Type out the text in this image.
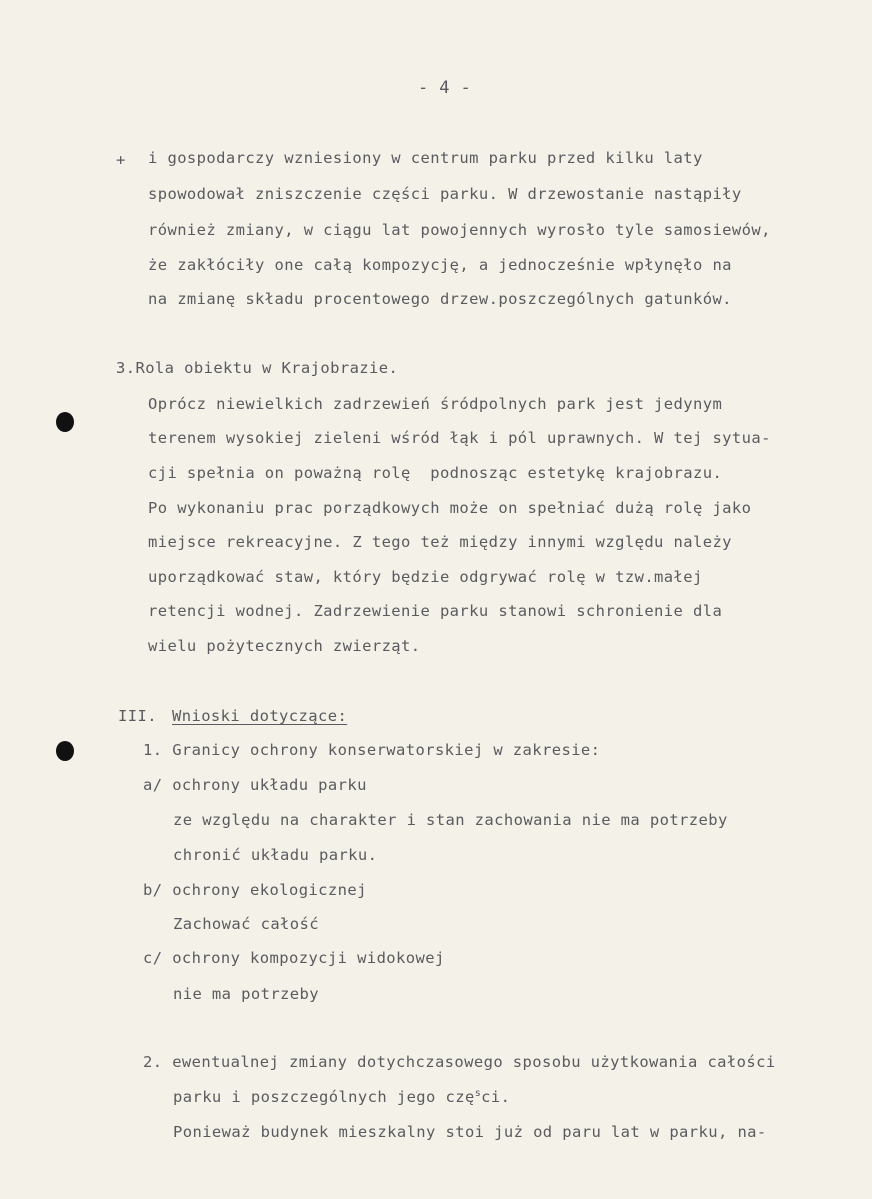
- 4 -
+ i gospodarczy wzniesiony w centrum parku przed kilku laty
spowodował zniszczenie części parku. W drzewostanie nastąpiły
również zmiany, w ciągu lat powojennych wyrosło tyle samosiewów,
że zakłóciły one całą kompozycję, a jednocześnie wpłynęło na
na zmianę składu procentowego drzew.poszczególnych gatunków.
3.Rola obiektu w Krajobrazie.
Oprócz niewielkich zadrzewień śródpolnych park jest jedynym
terenem wysokiej zieleni wśród łąk i pól uprawnych. W tej sytua-
cji spełnia on poważną rolę  podnosząc estetykę krajobrazu.
Po wykonaniu prac porządkowych może on spełniać dużą rolę jako
miejsce rekreacyjne. Z tego też między innymi względu należy
uporządkować staw, który będzie odgrywać rolę w tzw.małej
retencji wodnej. Zadrzewienie parku stanowi schronienie dla
wielu pożytecznych zwierząt.
III. Wnioski dotyczące:
1. Granicy ochrony konserwatorskiej w zakresie:
a/ ochrony układu parku
ze względu na charakter i stan zachowania nie ma potrzeby
chronić układu parku.
b/ ochrony ekologicznej
Zachować całość
c/ ochrony kompozycji widokowej
nie ma potrzeby
2. ewentualnej zmiany dotychczasowego sposobu użytkowania całości
parku i poszczególnych jego czę$^s$ci.
Ponieważ budynek mieszkalny stoi już od paru lat w parku, na-
